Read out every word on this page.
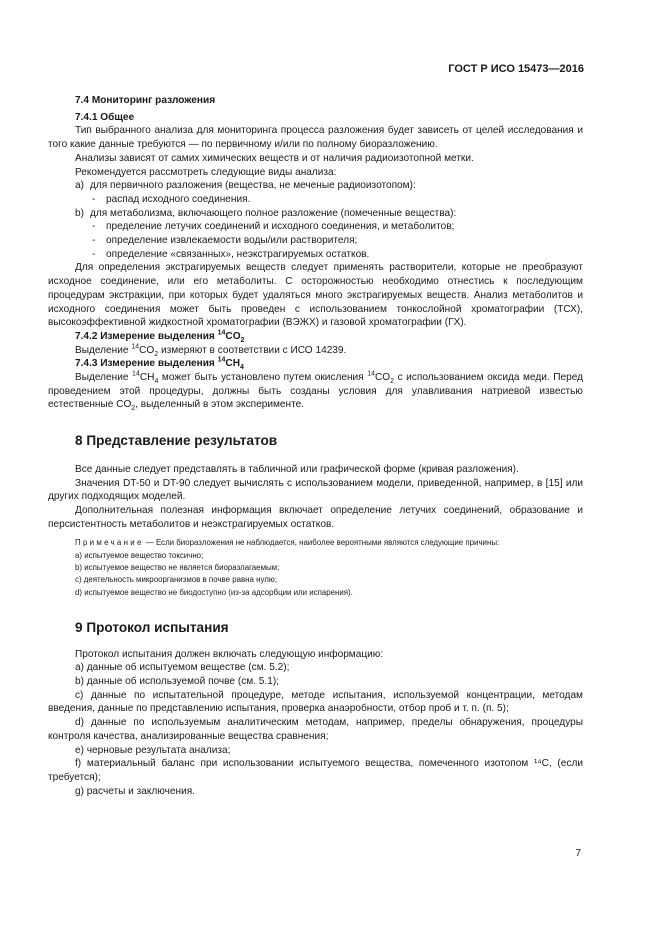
ГОСТ Р ИСО 15473—2016

7.4 Мониторинг разложения

7.4.1 Общее

Тип выбранного анализа для мониторинга процесса разложения будет зависеть от целей исследования и того какие данные требуются — по первичному и/или по полному биоразложению.

Анализы зависят от самих химических веществ и от наличия радиоизотопной метки.

Рекомендуется рассмотреть следующие виды анализа:

а) для первичного разложения (вещества, не меченые радиоизотопом):

- распад исходного соединения.

b) для метаболизма, включающего полное разложение (помеченные вещества):

- пределение летучих соединений и исходного соединения, и метаболитов;

- определение извлекаемости воды/или растворителя;

- определение «связанных», неэкстрагируемых остатков.

Для определения экстрагируемых веществ следует применять растворители, которые не преобразуют исходное соединение, или его метаболиты. С осторожностью необходимо отнестись к последующим процедурам экстракции, при которых будет удаляться много экстрагируемых веществ. Анализ метаболитов и исходного соединения может быть проведен с использованием тонкослойной хроматографии (ТСХ), высокоэффективной жидкостной хроматографии (ВЭЖХ) и газовой хроматографии (ГХ).

7.4.2 Измерение выделения $^{14}CO_2$

Выделение $^{14}CO_2$ измеряют в соответствии с ИСО 14239.

7.4.3 Измерение выделения $^{14}CH_4$

Выделение $^{14}CH_4$ может быть установлено путем окисления $^{14}CO_2$ с использованием оксида меди. Перед проведением этой процедуры, должны быть созданы условия для улавливания натриевой известью естественные $CO_2$, выделенный в этом эксперименте.

8 Представление результатов

Все данные следует представлять в табличной или графической форме (кривая разложения).

Значения DT-50 и DT-90 следует вычислять с использованием модели, приведенной, например, в [15] или других подходящих моделей.

Дополнительная полезная информация включает определение летучих соединений, образование и персистентность метаболитов и неэкстрагируемых остатков.

Примечание — Если биоразложения не наблюдается, наиболее вероятными являются следующие причины:

а) испытуемое вещество токсично;

b) испытуемое вещество не является биоразлагаемым;

с) деятельность микроорганизмов в почве равна нулю;

d) испытуемое вещество не биодоступно (из-за адсорбции или испарения).

9 Протокол испытания

Протокол испытания должен включать следующую информацию:

а) данные об испытуемом веществе (см. 5.2);

b) данные об используемой почве (см. 5.1);

с) данные по испытательной процедуре, методе испытания, используемой концентрации, методам введения, данные по представлению испытания, проверка анаэробности, отбор проб и т. п. (п. 5);

d) данные по используемым аналитическим методам, например, пределы обнаружения, процедуры контроля качества, анализированные вещества сравнения;

е) черновые результата анализа;

f) материальный баланс при использовании испытуемого вещества, помеченного изотопом ¹⁴С, (если требуется);

g) расчеты и заключения.

7
